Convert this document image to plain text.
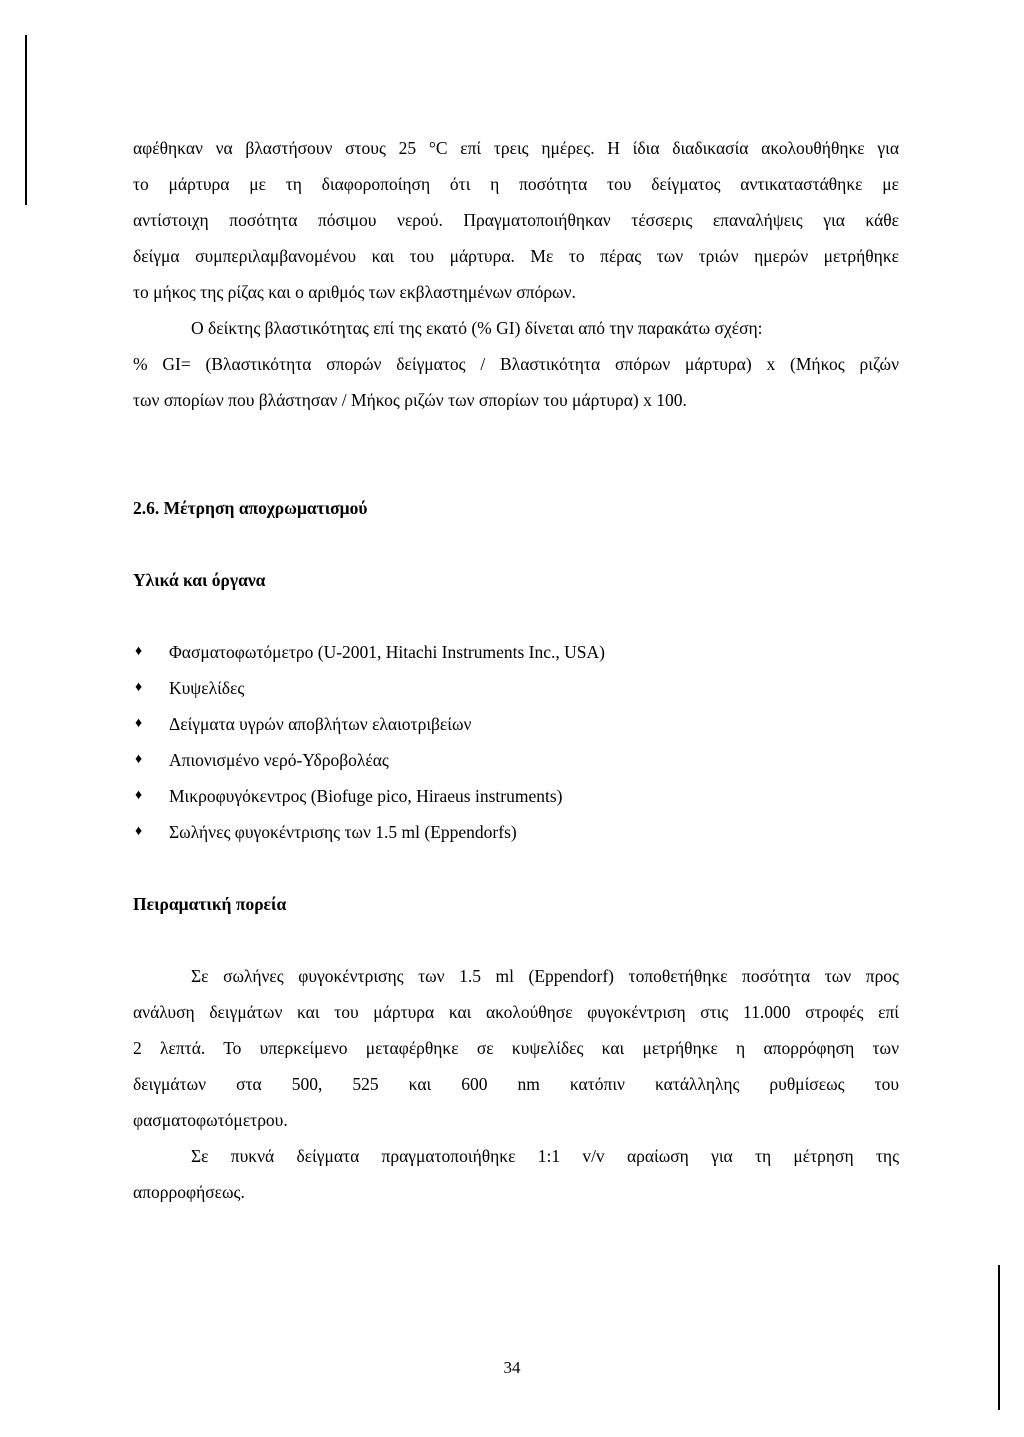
αφέθηκαν να βλαστήσουν στους 25 °C επί τρεις ημέρες. Η ίδια διαδικασία ακολουθήθηκε για

το μάρτυρα με τη διαφοροποίηση ότι η ποσότητα του δείγματος αντικαταστάθηκε με

αντίστοιχη ποσότητα πόσιμου νερού. Πραγματοποιήθηκαν τέσσερις επαναλήψεις για κάθε

δείγμα συμπεριλαμβανομένου και του μάρτυρα. Με το πέρας των τριών ημερών μετρήθηκε

το μήκος της ρίζας και ο αριθμός των εκβλαστημένων σπόρων.

Ο δείκτης βλαστικότητας επί της εκατό (% GI) δίνεται από την παρακάτω σχέση:

% GI= (Βλαστικότητα σπορών δείγματος / Βλαστικότητα σπόρων μάρτυρα) x (Μήκος ριζών

των σπορίων που βλάστησαν / Μήκος ριζών των σπορίων του μάρτυρα) x 100.

2.6. Μέτρηση αποχρωματισμού
Υλικά και όργανα
♦ Φασματοφωτόμετρο (U-2001, Hitachi Instruments Inc., USA)
♦ Κυψελίδες
♦ Δείγματα υγρών αποβλήτων ελαιοτριβείων
♦ Απιονισμένο νερό-Υδροβολέας
♦ Μικροφυγόκεντρος (Biofuge pico, Hiraeus instruments)
♦ Σωλήνες φυγοκέντρισης των 1.5 ml (Eppendorfs)
Πειραματική πορεία

Σε σωλήνες φυγοκέντρισης των 1.5 ml (Eppendorf) τοποθετήθηκε ποσότητα των προς

ανάλυση δειγμάτων και του μάρτυρα και ακολούθησε φυγοκέντριση στις 11.000 στροφές επί

2 λεπτά. Το υπερκείμενο μεταφέρθηκε σε κυψελίδες και μετρήθηκε η απορρόφηση των

δειγμάτων στα 500, 525 και 600 nm κατόπιν κατάλληλης ρυθμίσεως του

φασματοφωτόμετρου.

Σε πυκνά δείγματα πραγματοποιήθηκε 1:1 v/v αραίωση για τη μέτρηση της

απορροφήσεως.

34
